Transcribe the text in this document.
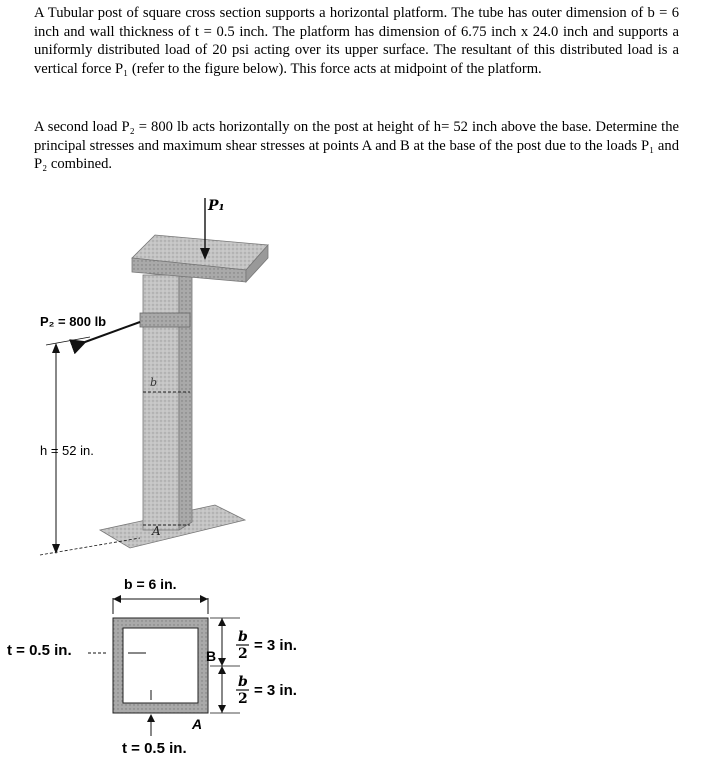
A Tubular post of square cross section supports a horizontal platform. The tube has outer dimension of b = 6 inch and wall thickness of t = 0.5 inch. The platform has dimension of 6.75 inch x 24.0 inch and supports a uniformly distributed load of 20 psi acting over its upper surface. The resultant of this distributed load is a vertical force P₁ (refer to the figure below). This force acts at midpoint of the platform.

A second load P₂ = 800 lb acts horizontally on the post at height of h= 52 inch above the base. Determine the principal stresses and maximum shear stresses at points A and B at the base of the post due to the loads P₁ and P₂ combined.

P₁
P₂ = 800 lb
h = 52 in.
b
A
b = 6 in.
t = 0.5 in.
t = 0.5 in.
B
A
b
2 = 3 in.
b
2 = 3 in.
